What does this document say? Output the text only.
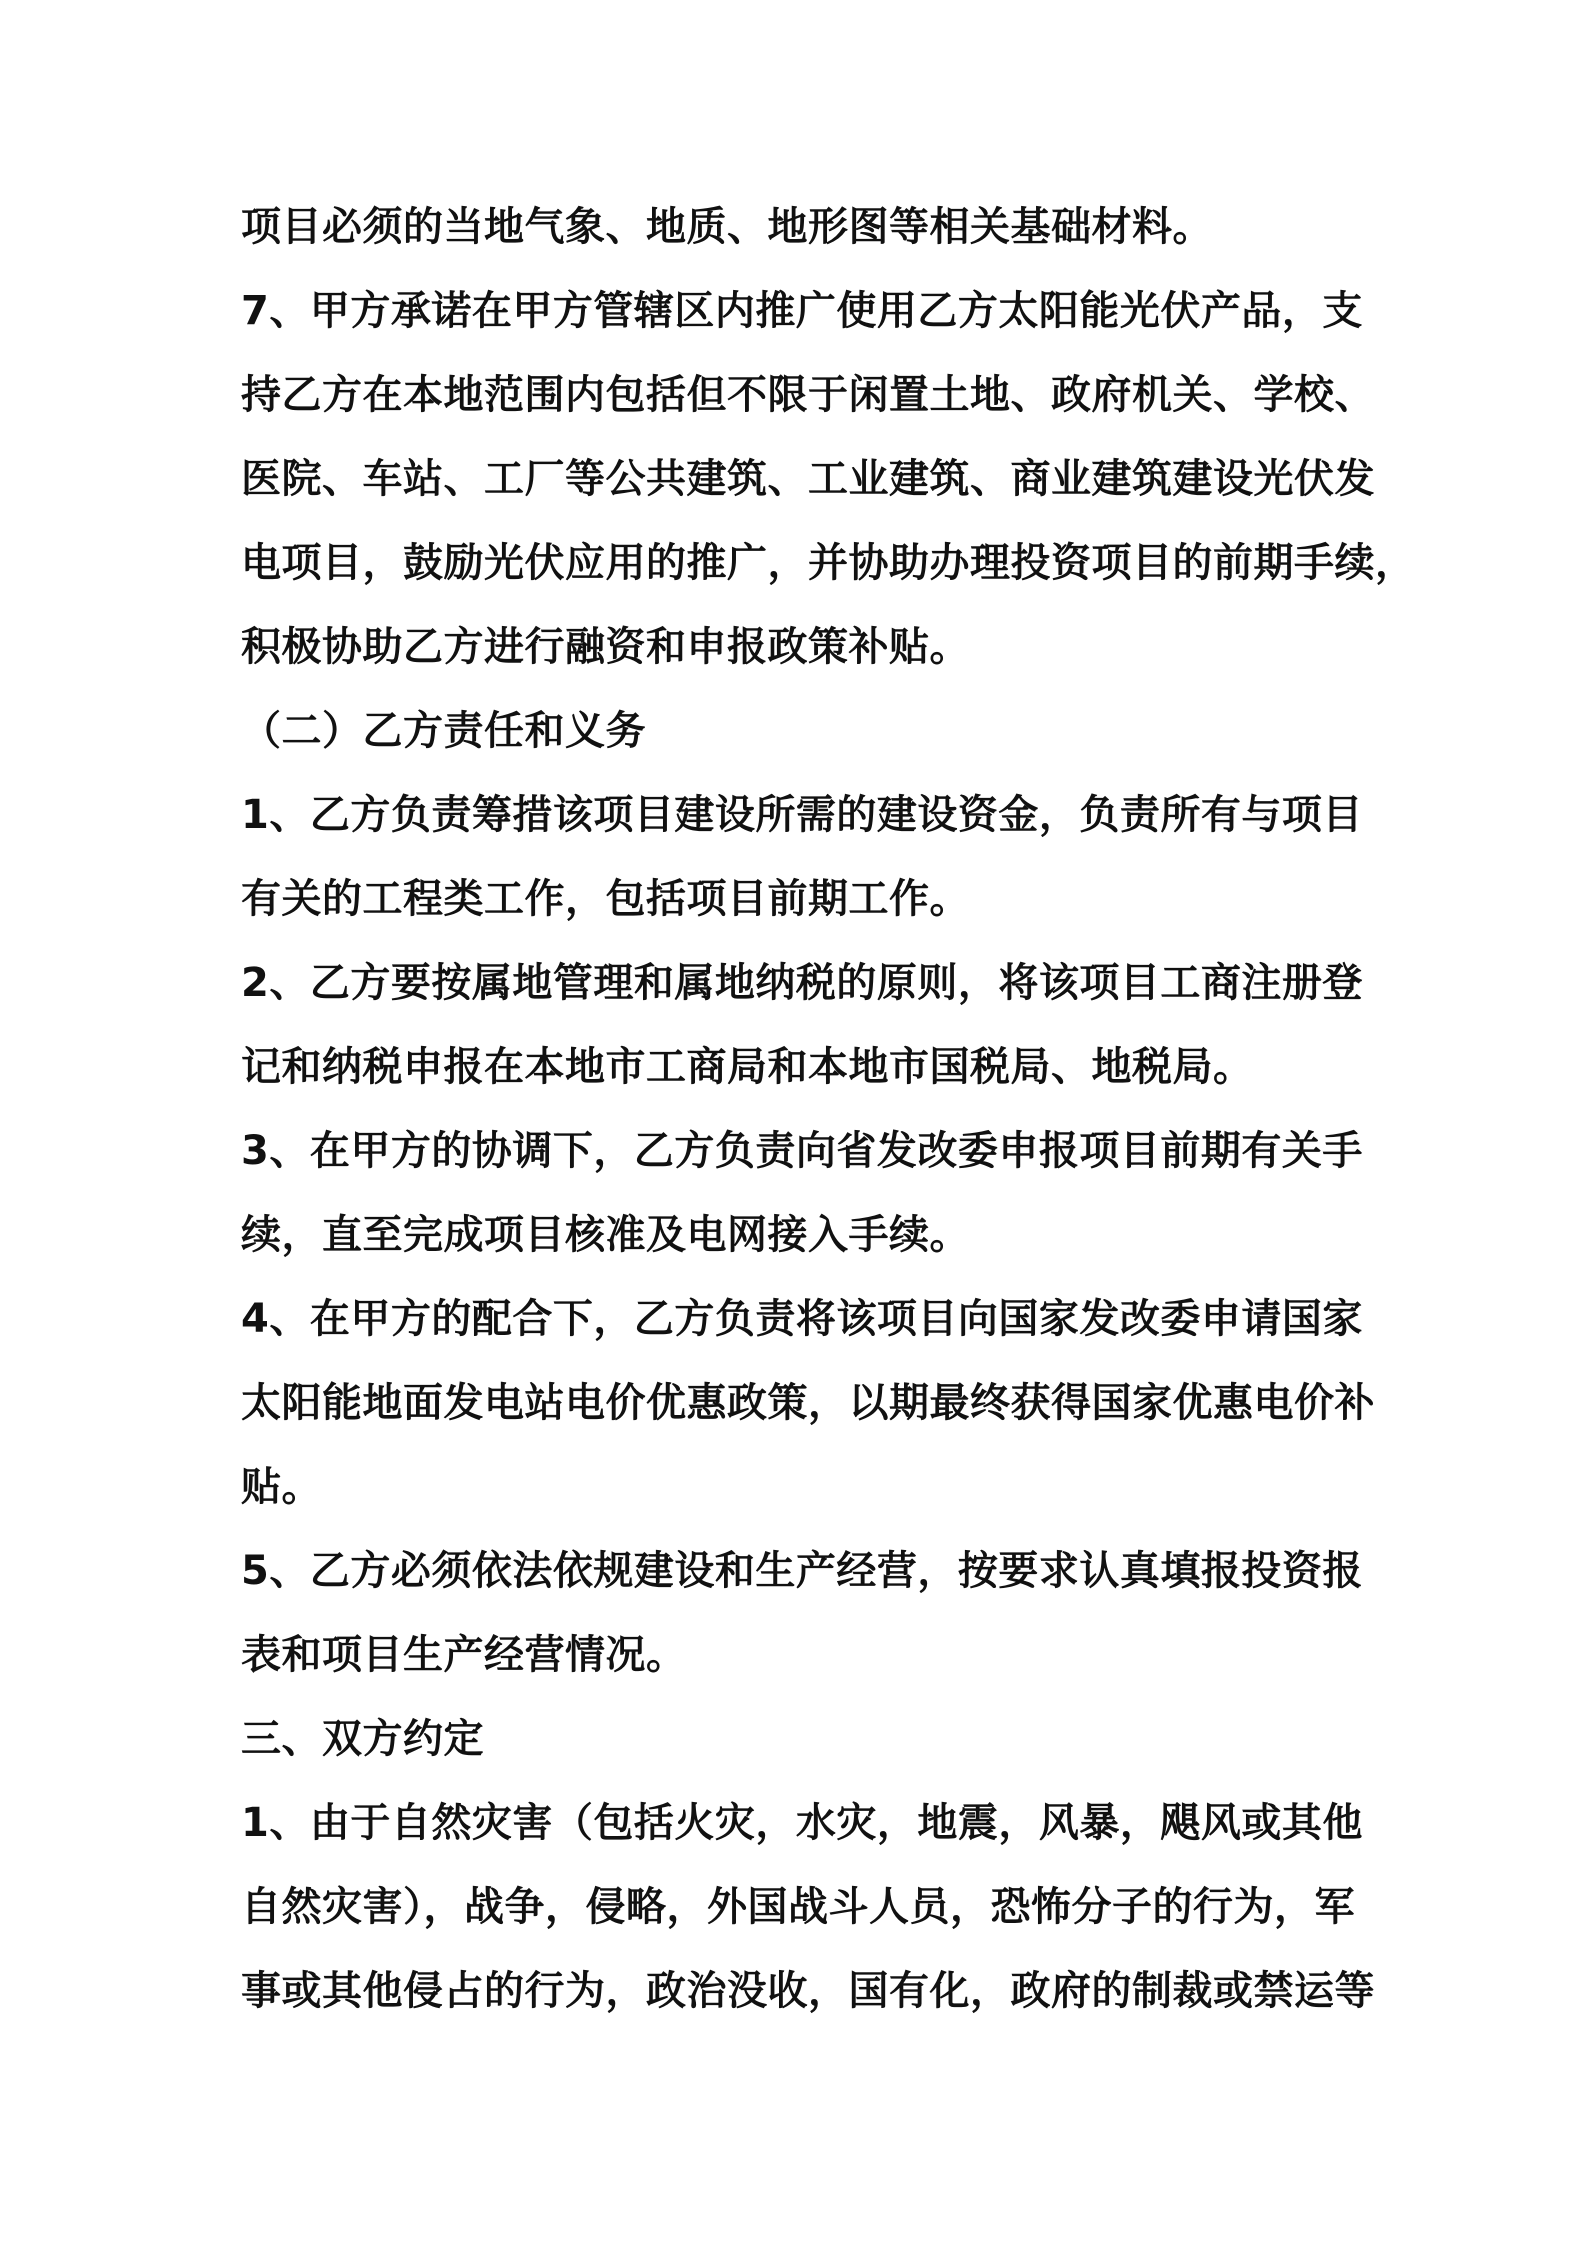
项目必须的当地气象、地质、地形图等相关基础材料。
7、甲方承诺在甲方管辖区内推广使用乙方太阳能光伏产品，支
持乙方在本地范围内包括但不限于闲置土地、政府机关、学校、
医院、车站、工厂等公共建筑、工业建筑、商业建筑建设光伏发
电项目，鼓励光伏应用的推广，并协助办理投资项目的前期手续，
积极协助乙方进行融资和申报政策补贴。
（二）乙方责任和义务
1、乙方负责筹措该项目建设所需的建设资金，负责所有与项目
有关的工程类工作，包括项目前期工作。
2、乙方要按属地管理和属地纳税的原则，将该项目工商注册登
记和纳税申报在本地市工商局和本地市国税局、地税局。
3、在甲方的协调下，乙方负责向省发改委申报项目前期有关手
续，直至完成项目核准及电网接入手续。
4、在甲方的配合下，乙方负责将该项目向国家发改委申请国家
太阳能地面发电站电价优惠政策，以期最终获得国家优惠电价补
贴。
5、乙方必须依法依规建设和生产经营，按要求认真填报投资报
表和项目生产经营情况。
三、双方约定
1、由于自然灾害（包括火灾，水灾，地震，风暴，飓风或其他
自然灾害），战争，侵略，外国战斗人员，恐怖分子的行为，军
事或其他侵占的行为，政治没收，国有化，政府的制裁或禁运等
